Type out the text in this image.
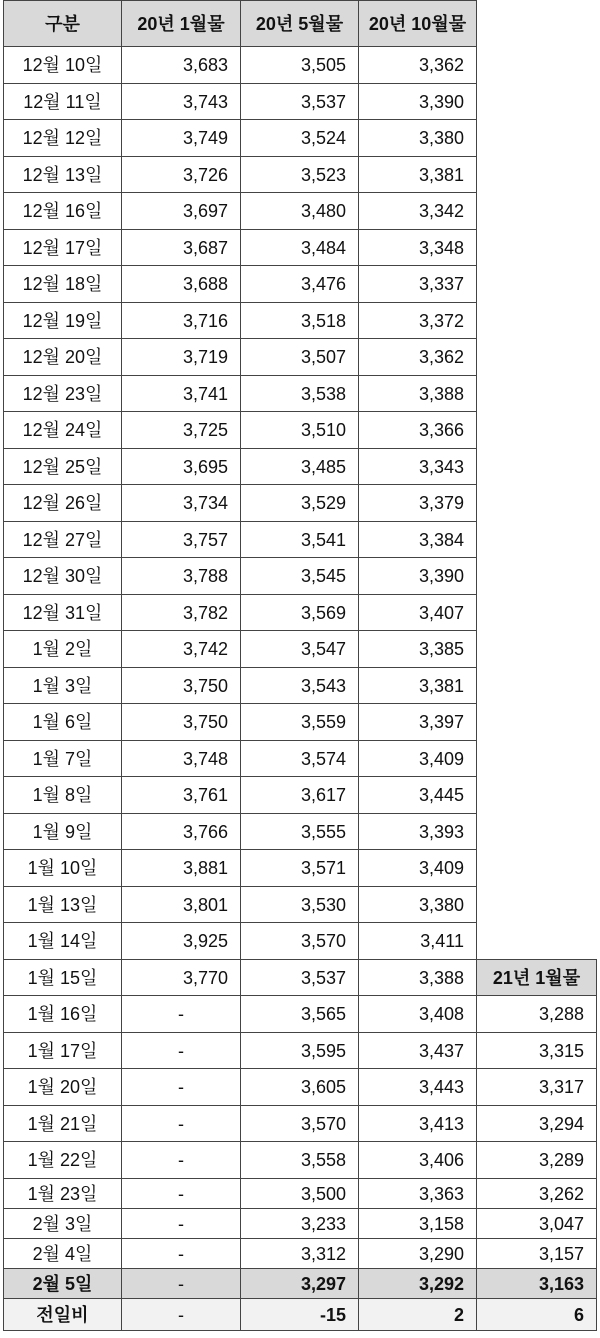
구분	20년 1월물	20년 5월물	20년 10월물
12월 10일	3,683	3,505	3,362
12월 11일	3,743	3,537	3,390
12월 12일	3,749	3,524	3,380
12월 13일	3,726	3,523	3,381
12월 16일	3,697	3,480	3,342
12월 17일	3,687	3,484	3,348
12월 18일	3,688	3,476	3,337
12월 19일	3,716	3,518	3,372
12월 20일	3,719	3,507	3,362
12월 23일	3,741	3,538	3,388
12월 24일	3,725	3,510	3,366
12월 25일	3,695	3,485	3,343
12월 26일	3,734	3,529	3,379
12월 27일	3,757	3,541	3,384
12월 30일	3,788	3,545	3,390
12월 31일	3,782	3,569	3,407
1월 2일	3,742	3,547	3,385
1월 3일	3,750	3,543	3,381
1월 6일	3,750	3,559	3,397
1월 7일	3,748	3,574	3,409
1월 8일	3,761	3,617	3,445
1월 9일	3,766	3,555	3,393
1월 10일	3,881	3,571	3,409
1월 13일	3,801	3,530	3,380
1월 14일	3,925	3,570	3,411
1월 15일	3,770	3,537	3,388	21년 1월물
1월 16일	-	3,565	3,408	3,288
1월 17일	-	3,595	3,437	3,315
1월 20일	-	3,605	3,443	3,317
1월 21일	-	3,570	3,413	3,294
1월 22일	-	3,558	3,406	3,289
1월 23일	-	3,500	3,363	3,262
2월 3일	-	3,233	3,158	3,047
2월 4일	-	3,312	3,290	3,157
2월 5일	-	3,297	3,292	3,163
전일비	-	-15	2	6
